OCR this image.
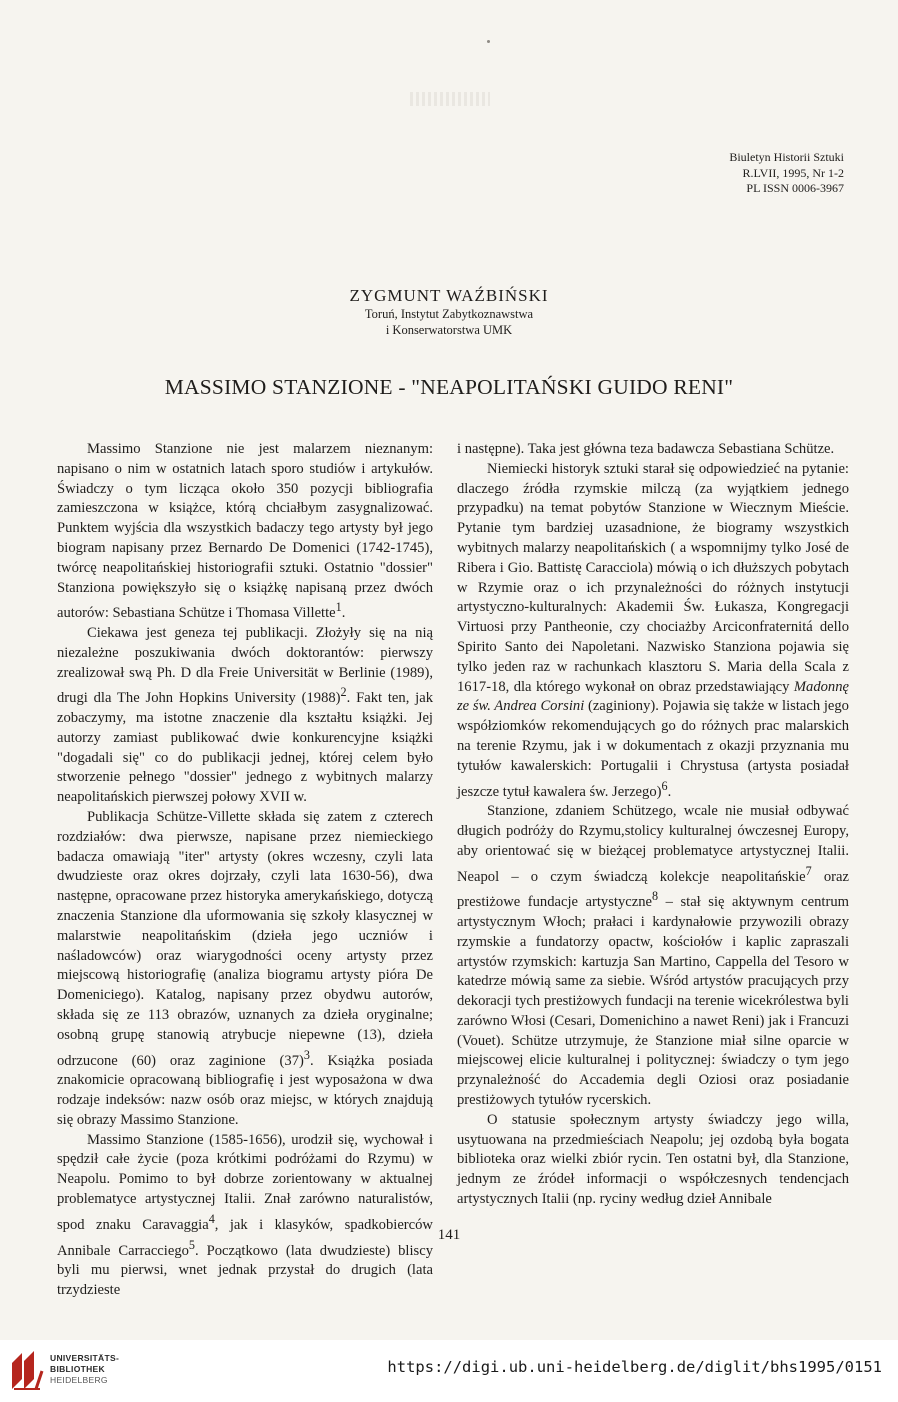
Biuletyn Historii Sztuki
R.LVII, 1995, Nr 1-2
PL ISSN 0006-3967
ZYGMUNT WAŹBIŃSKI
Toruń, Instytut Zabytkoznawstwa
i Konserwatorstwa UMK
MASSIMO STANZIONE - "NEAPOLITAŃSKI GUIDO RENI"

Massimo Stanzione nie jest malarzem nieznanym: napisano o nim w ostatnich latach sporo studiów i artykułów. Świadczy o tym licząca około 350 pozycji bibliografia zamieszczona w książce, którą chciałbym zasygnalizować. Punktem wyjścia dla wszystkich badaczy tego artysty był jego biogram napisany przez Bernardo De Domenici (1742-1745), twórcę neapolitańskiej historiografii sztuki. Ostatnio "dossier" Stanziona powiększyło się o książkę napisaną przez dwóch autorów: Sebastiana Schütze i Thomasa Villette$^1$.

Ciekawa jest geneza tej publikacji. Złożyły się na nią niezależne poszukiwania dwóch doktorantów: pierwszy zrealizował swą Ph. D dla Freie Universität w Berlinie (1989), drugi dla The John Hopkins University $(1988)^2$. Fakt ten, jak zobaczymy, ma istotne znaczenie dla kształtu książki. Jej autorzy zamiast publikować dwie konkurencyjne książki "dogadali się" co do publikacji jednej, której celem było stworzenie pełnego "dossier" jednego z wybitnych malarzy neapolitańskich pierwszej połowy XVII w.

Publikacja Schütze-Villette składa się zatem z czterech rozdziałów: dwa pierwsze, napisane przez niemieckiego badacza omawiają "iter" artysty (okres wczesny, czyli lata dwudzieste oraz okres dojrzały, czyli lata 1630-56), dwa następne, opracowane przez historyka amerykańskiego, dotyczą znaczenia Stanzione dla uformowania się szkoły klasycznej w malarstwie neapolitańskim (dzieła jego uczniów i naśladowców) oraz wiarygodności oceny artysty przez miejscową historiografię (analiza biogramu artysty pióra De Domeniciego). Katalog, napisany przez obydwu autorów, składa się ze 113 obrazów, uznanych za dzieła oryginalne; osobną grupę stanowią atrybucje niepewne (13), dzieła odrzucone (60) oraz zaginione $(37)^3$. Książka posiada znakomicie opracowaną bibliografię i jest wyposażona w dwa rodzaje indeksów: nazw osób oraz miejsc, w których znajdują się obrazy Massimo Stanzione.

Massimo Stanzione (1585-1656), urodził się, wychował i spędził całe życie (poza krótkimi podróżami do Rzymu) w Neapolu. Pomimo to był dobrze zorientowany w aktualnej problematyce artystycznej Italii. Znał zarówno naturalistów, spod znaku Caravaggia$^4$, jak i klasyków, spadkobierców Annibale Carracciego$^5$. Początkowo (lata dwudzieste) bliscy byli mu pierwsi, wnet jednak przystał do drugich (lata trzydzieste

i następne). Taka jest główna teza badawcza Sebastiana Schütze.

Niemiecki historyk sztuki starał się odpowiedzieć na pytanie: dlaczego źródła rzymskie milczą (za wyjątkiem jednego przypadku) na temat pobytów Stanzione w Wiecznym Mieście. Pytanie tym bardziej uzasadnione, że biogramy wszystkich wybitnych malarzy neapolitańskich ( a wspomnijmy tylko José de Ribera i Gio. Battistę Caracciola) mówią o ich dłuższych pobytach w Rzymie oraz o ich przynależności do różnych instytucji artystyczno-kulturalnych: Akademii Św. Łukasza, Kongregacji Virtuosi przy Pantheonie, czy chociażby Arciconfraternitá dello Spirito Santo dei Napoletani. Nazwisko Stanziona pojawia się tylko jeden raz w rachunkach klasztoru S. Maria della Scala z 1617-18, dla którego wykonał on obraz przedstawiający Madonnę ze św. Andrea Corsini (zaginiony). Pojawia się także w listach jego współziomków rekomendujących go do różnych prac malarskich na terenie Rzymu, jak i w dokumentach z okazji przyznania mu tytułów kawalerskich: Portugalii i Chrystusa (artysta posiadał jeszcze tytuł kawalera św. Jerzego)$^6$.

Stanzione, zdaniem Schützego, wcale nie musiał odbywać długich podróży do Rzymu,stolicy kulturalnej ówczesnej Europy, aby orientować się w bieżącej problematyce artystycznej Italii. Neapol – o czym świadczą kolekcje neapolitańskie$^7$ oraz prestiżowe fundacje artystyczne$^8$ – stał się aktywnym centrum artystycznym Włoch; prałaci i kardynałowie przywozili obrazy rzymskie a fundatorzy opactw, kościołów i kaplic zapraszali artystów rzymskich: kartuzja San Martino, Cappella del Tesoro w katedrze mówią same za siebie. Wśród artystów pracujących przy dekoracji tych prestiżowych fundacji na terenie wicekrólestwa byli zarówno Włosi (Cesari, Domenichino a nawet Reni) jak i Francuzi (Vouet). Schütze utrzymuje, że Stanzione miał silne oparcie w miejscowej elicie kulturalnej i politycznej: świadczy o tym jego przynależność do Accademia degli Oziosi oraz posiadanie prestiżowych tytułów rycerskich.

O statusie społecznym artysty świadczy jego willa, usytuowana na przedmieściach Neapolu; jej ozdobą była bogata biblioteka oraz wielki zbiór rycin. Ten ostatni był, dla Stanzione, jednym ze źródeł informacji o współczesnych tendencjach artystycznych Italii (np. ryciny według dzieł Annibale

141
UNIVERSITÄTS-
BIBLIOTHEK
HEIDELBERG
https://digi.ub.uni-heidelberg.de/diglit/bhs1995/0151
